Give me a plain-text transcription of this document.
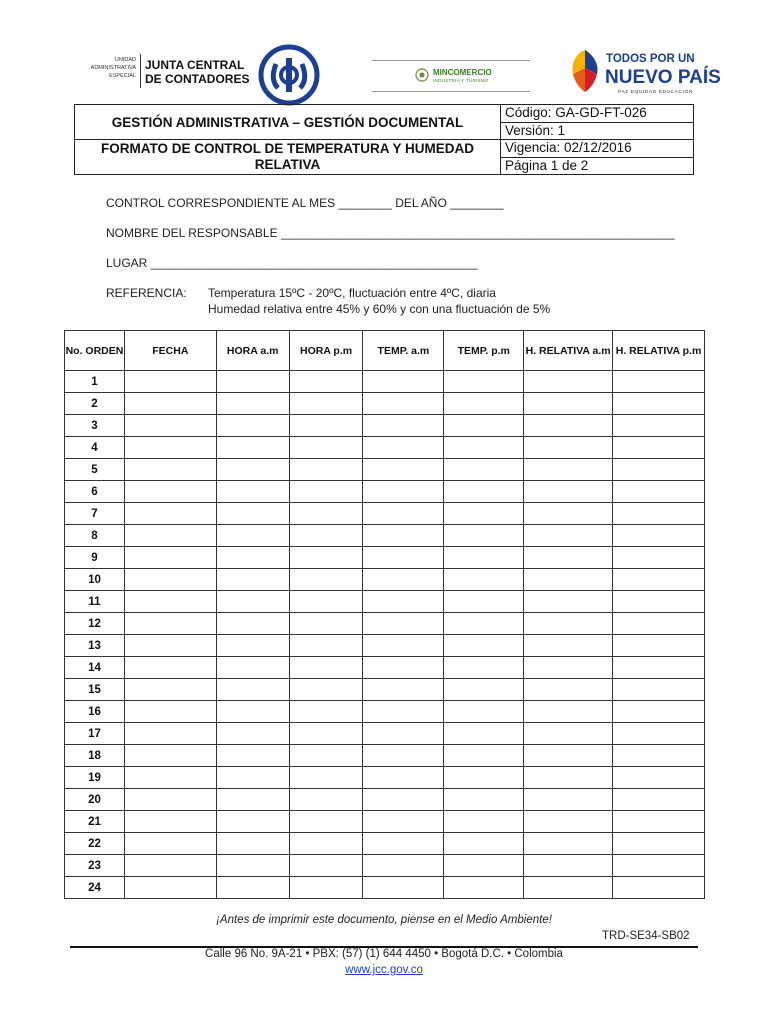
UNIDAD
ADMINISTRATIVA
ESPECIAL
JUNTA CENTRAL
DE CONTADORES	MINCOMERCIO
INDUSTRIA Y TURISMO
TODOS POR UN
NUEVO PAÍS
PAZ EQUIDAD EDUCACIÓN
GESTIÓN ADMINISTRATIVA – GESTIÓN DOCUMENTAL	Código: GA-GD-FT-026
	Versión: 1
FORMATO DE CONTROL DE TEMPERATURA Y HUMEDAD RELATIVA	Vigencia: 02/12/2016
	Página 1 de 2
CONTROL CORRESPONDIENTE AL MES ________ DEL AÑO ________
NOMBRE DEL RESPONSABLE ___________________________________________________________
LUGAR _________________________________________________
REFERENCIA: Temperatura 15ºC - 20ºC, fluctuación entre 4ºC, diaria
Humedad relativa entre 45% y 60% y con una fluctuación de 5%
No. ORDEN	FECHA	HORA a.m	HORA p.m	TEMP. a.m	TEMP. p.m	H. RELATIVA a.m	H. RELATIVA p.m
1							
2							
3							
4							
5							
6							
7							
8							
9							
10							
11							
12							
13							
14							
15							
16							
17							
18							
19							
20							
21							
22							
23							
24							
¡Antes de imprimir este documento, piense en el Medio Ambiente!
TRD-SE34-SB02
Calle 96 No. 9A-21 • PBX: (57) (1) 644 4450 • Bogotá D.C. • Colombia
www.jcc.gov.co
